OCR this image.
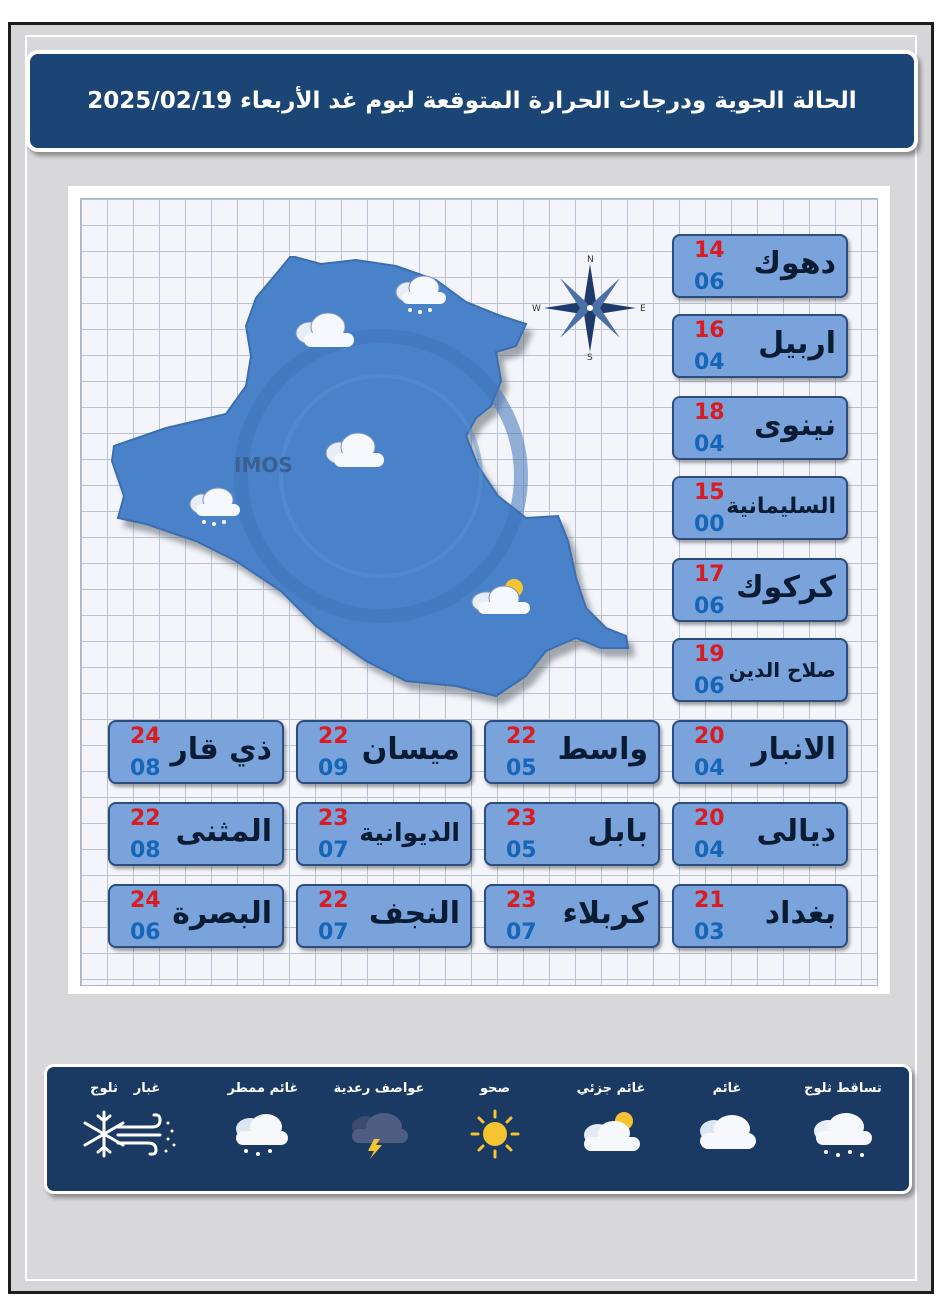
الحالة الجوية ودرجات الحرارة المتوقعة ليوم غد الأربعاء 2025/02/19
IMOS
N
S
W	E
دهوك
14
06
اربيل
16
04
نينوى
18
04
السليمانية
15
00
كركوك
17
06
صلاح الدين
19
06
الانبار
20
04
واسط
22
05
ميسان
22
09
ذي قار
24
08
ديالى
20
04
بابل
23
05
الديوانية
23
07
المثنى
22
08
بغداد
21
03
كربلاء
23
07
النجف
22
07
البصرة
24
06
تساقط ثلوج
غائم
غائم جزئي
صحو
عواصف رعدية
غائم ممطر
غبار
ثلوج
